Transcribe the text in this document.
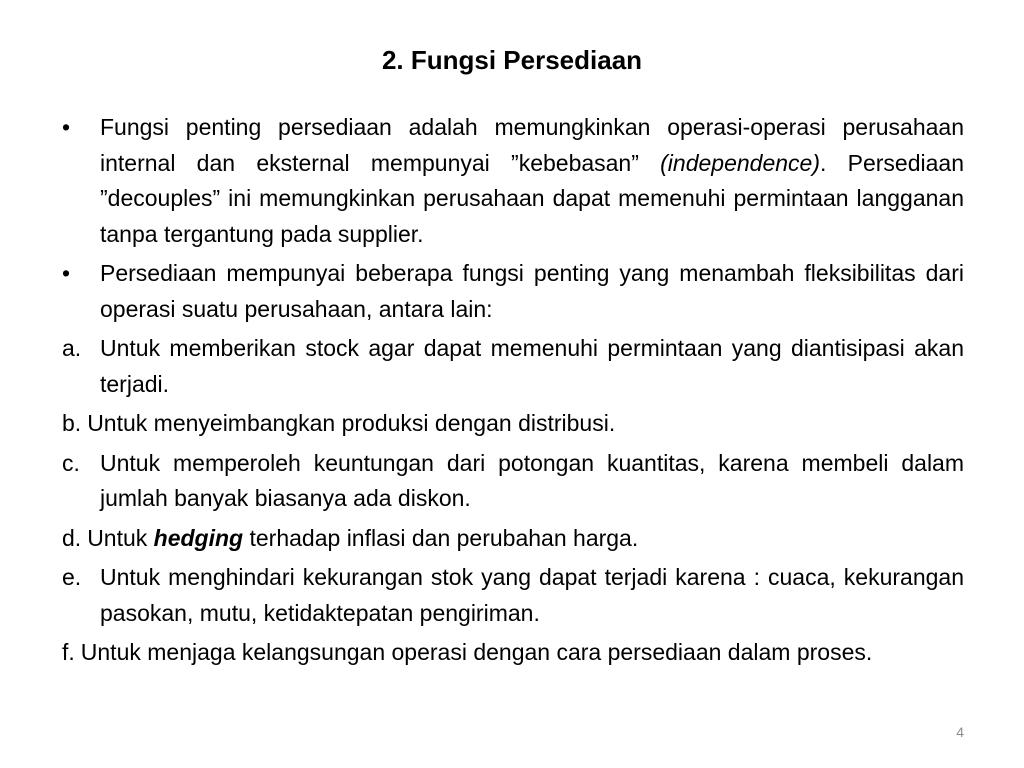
2. Fungsi Persediaan

• Fungsi penting persediaan adalah memungkinkan operasi-operasi perusahaan internal dan eksternal mempunyai ”kebebasan” (independence). Persediaan ”decouples” ini memungkinkan perusahaan dapat memenuhi permintaan langganan tanpa tergantung pada supplier.

• Persediaan mempunyai beberapa fungsi penting yang menambah fleksibilitas dari operasi suatu perusahaan, antara lain:

a. Untuk memberikan stock agar dapat memenuhi permintaan yang diantisipasi akan terjadi.

b. Untuk menyeimbangkan produksi dengan distribusi.

c. Untuk memperoleh keuntungan dari potongan kuantitas, karena membeli dalam jumlah banyak biasanya ada diskon.

d. Untuk hedging terhadap inflasi dan perubahan harga.

e. Untuk menghindari kekurangan stok yang dapat terjadi karena : cuaca, kekurangan pasokan, mutu, ketidaktepatan pengiriman.

f. Untuk menjaga kelangsungan operasi dengan cara persediaan dalam proses.

4
